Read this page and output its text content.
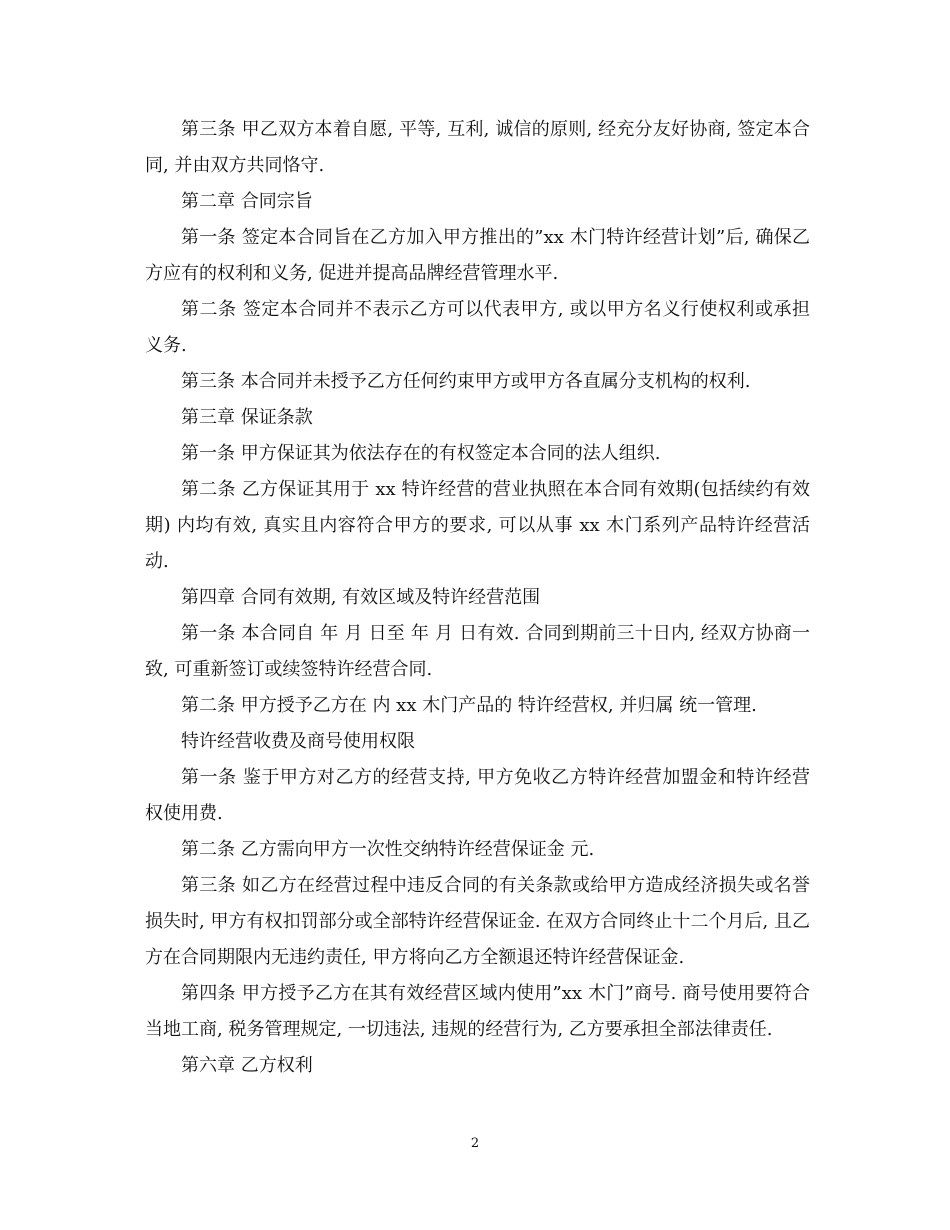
第三条 甲乙双方本着自愿, 平等, 互利, 诚信的原则, 经充分友好协商, 签定本合同, 并由双方共同恪守.

第二章 合同宗旨

第一条 签定本合同旨在乙方加入甲方推出的”xx 木门特许经营计划”后, 确保乙方应有的权利和义务, 促进并提高品牌经营管理水平.

第二条 签定本合同并不表示乙方可以代表甲方, 或以甲方名义行使权利或承担义务.

第三条 本合同并未授予乙方任何约束甲方或甲方各直属分支机构的权利.

第三章 保证条款

第一条 甲方保证其为依法存在的有权签定本合同的法人组织.

第二条 乙方保证其用于 xx 特许经营的营业执照在本合同有效期(包括续约有效期) 内均有效, 真实且内容符合甲方的要求, 可以从事 xx 木门系列产品特许经营活动.

第四章 合同有效期, 有效区域及特许经营范围

第一条 本合同自 年 月 日至 年 月 日有效. 合同到期前三十日内, 经双方协商一致, 可重新签订或续签特许经营合同.

第二条 甲方授予乙方在 内 xx 木门产品的 特许经营权, 并归属 统一管理.

特许经营收费及商号使用权限

第一条 鉴于甲方对乙方的经营支持, 甲方免收乙方特许经营加盟金和特许经营权使用费.

第二条 乙方需向甲方一次性交纳特许经营保证金 元.

第三条 如乙方在经营过程中违反合同的有关条款或给甲方造成经济损失或名誉损失时, 甲方有权扣罚部分或全部特许经营保证金. 在双方合同终止十二个月后, 且乙方在合同期限内无违约责任, 甲方将向乙方全额退还特许经营保证金.

第四条 甲方授予乙方在其有效经营区域内使用”xx 木门”商号. 商号使用要符合当地工商, 税务管理规定, 一切违法, 违规的经营行为, 乙方要承担全部法律责任.

第六章 乙方权利

2
